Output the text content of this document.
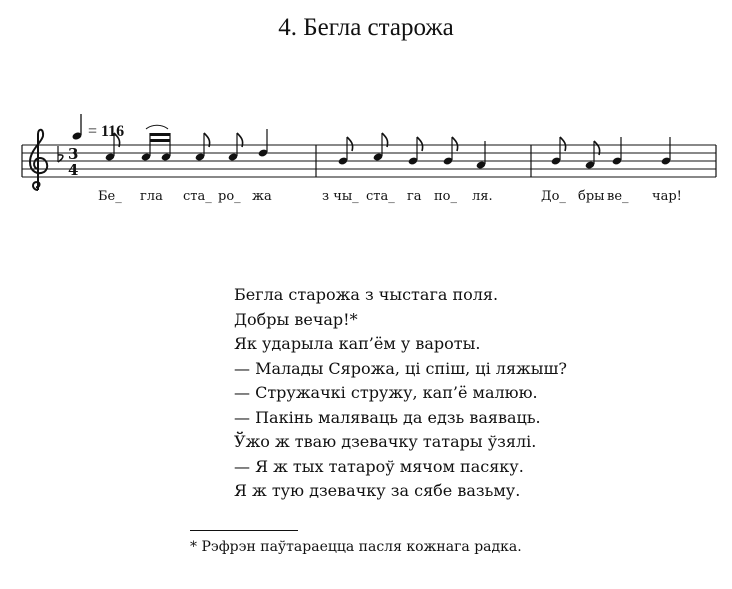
4. Бегла старожа
= 116
3
4
Бе_ гла ста_ ро_ жа	з чы_ ста_ га по_ ля.	До_ бры ве_ чар!
Бегла старожа з чыстага поля.
Добры вечар!*
Як ударыла кап’ём у вароты.
— Малады Сярожа, ці спіш, ці ляжыш?
— Стружачкі стружу, кап’ё малюю.
— Пакінь маляваць да едзь ваяваць.
Ўжо ж тваю дзевачку татары ўзялі.
— Я ж тых татароў мячом пасяку.
Я ж тую дзевачку за сябе вазьму.
* Рэфрэн паўтараецца пасля кожнага радка.
